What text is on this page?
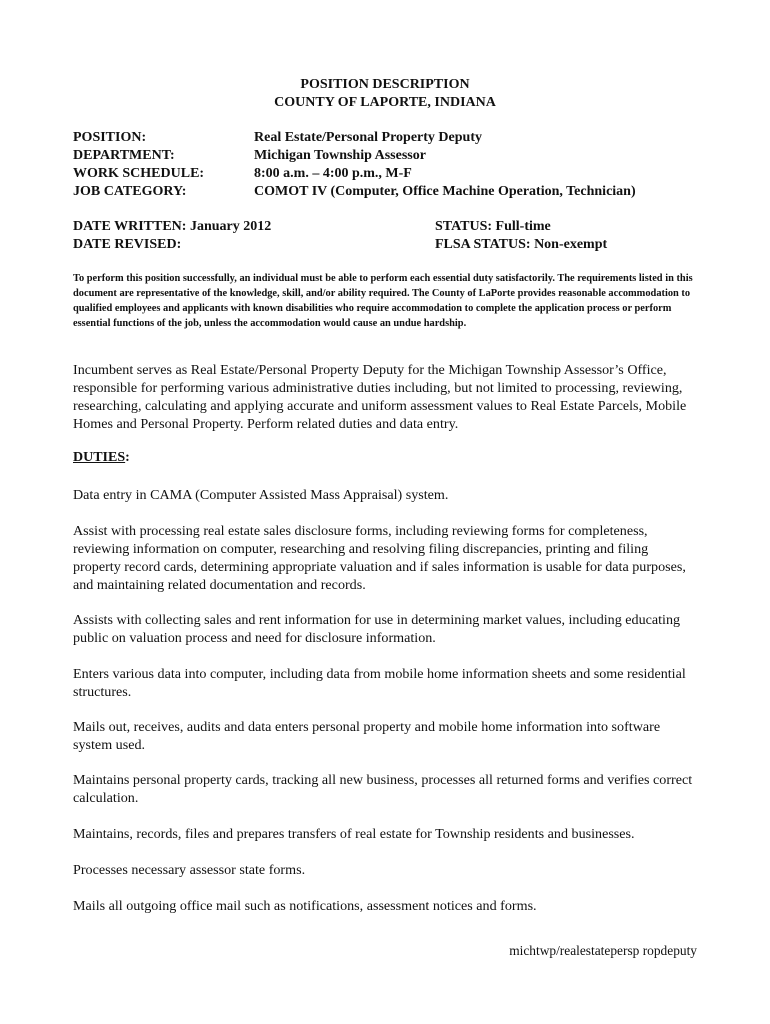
POSITION DESCRIPTION
COUNTY OF LAPORTE, INDIANA
POSITION:	Real Estate/Personal Property Deputy
DEPARTMENT:	Michigan Township Assessor
WORK SCHEDULE:	8:00 a.m. – 4:00 p.m., M-F
JOB CATEGORY:	COMOT IV (Computer, Office Machine Operation, Technician)
DATE WRITTEN: January 2012	STATUS: Full-time
DATE REVISED:	FLSA STATUS: Non-exempt
To perform this position successfully, an individual must be able to perform each essential duty satisfactorily. The requirements listed in this document are representative of the knowledge, skill, and/or ability required. The County of LaPorte provides reasonable accommodation to qualified employees and applicants with known disabilities who require accommodation to complete the application process or perform essential functions of the job, unless the accommodation would cause an undue hardship.
Incumbent serves as Real Estate/Personal Property Deputy for the Michigan Township Assessor’s Office, responsible for performing various administrative duties including, but not limited to processing, reviewing, researching, calculating and applying accurate and uniform assessment values to Real Estate Parcels, Mobile Homes and Personal Property. Perform related duties and data entry.
DUTIES:
Data entry in CAMA (Computer Assisted Mass Appraisal) system.
Assist with processing real estate sales disclosure forms, including reviewing forms for completeness, reviewing information on computer, researching and resolving filing discrepancies, printing and filing property record cards, determining appropriate valuation and if sales information is usable for data purposes, and maintaining related documentation and records.
Assists with collecting sales and rent information for use in determining market values, including educating public on valuation process and need for disclosure information.
Enters various data into computer, including data from mobile home information sheets and some residential structures.
Mails out, receives, audits and data enters personal property and mobile home information into software system used.
Maintains personal property cards, tracking all new business, processes all returned forms and verifies correct calculation.
Maintains, records, files and prepares transfers of real estate for Township residents and businesses.
Processes necessary assessor state forms.
Mails all outgoing office mail such as notifications, assessment notices and forms.
michtwp/realestatepersp ropdeputy
